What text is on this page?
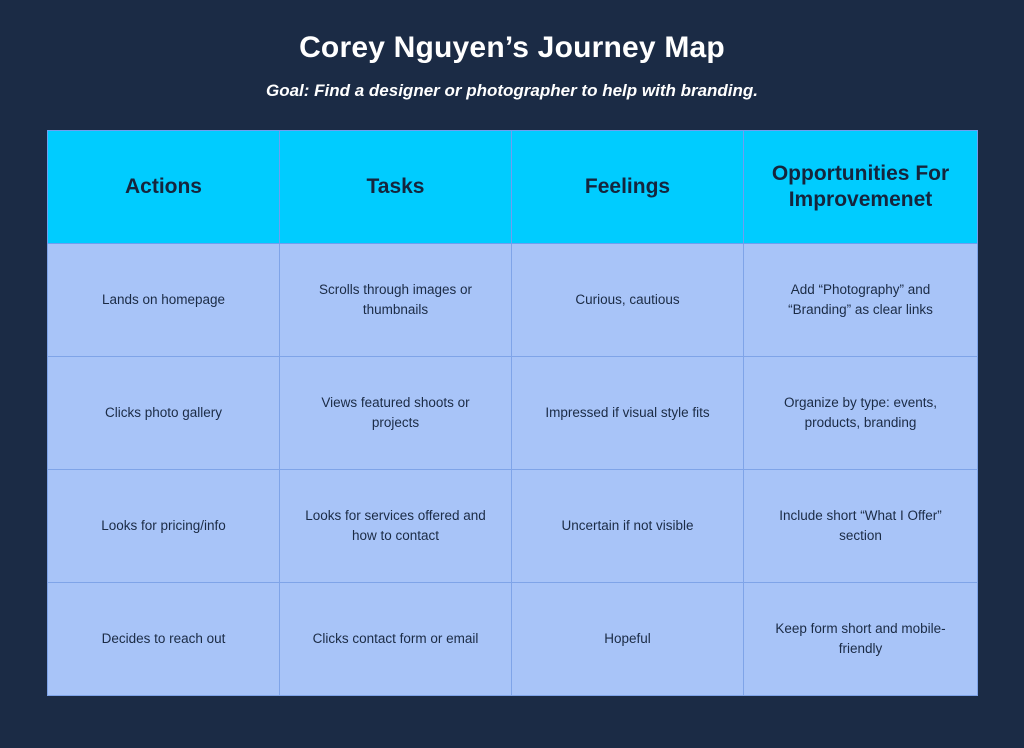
Corey Nguyen’s Journey Map
Goal: Find a designer or photographer to help with branding.
Actions	Tasks	Feelings	Opportunities For Improvemenet
Lands on homepage	Scrolls through images or thumbnails	Curious, cautious	Add “Photography” and “Branding” as clear links
Clicks photo gallery	Views featured shoots or projects	Impressed if visual style fits	Organize by type: events, products, branding
Looks for pricing/info	Looks for services offered and how to contact	Uncertain if not visible	Include short “What I Offer” section
Decides to reach out	Clicks contact form or email	Hopeful	Keep form short and mobile-friendly
